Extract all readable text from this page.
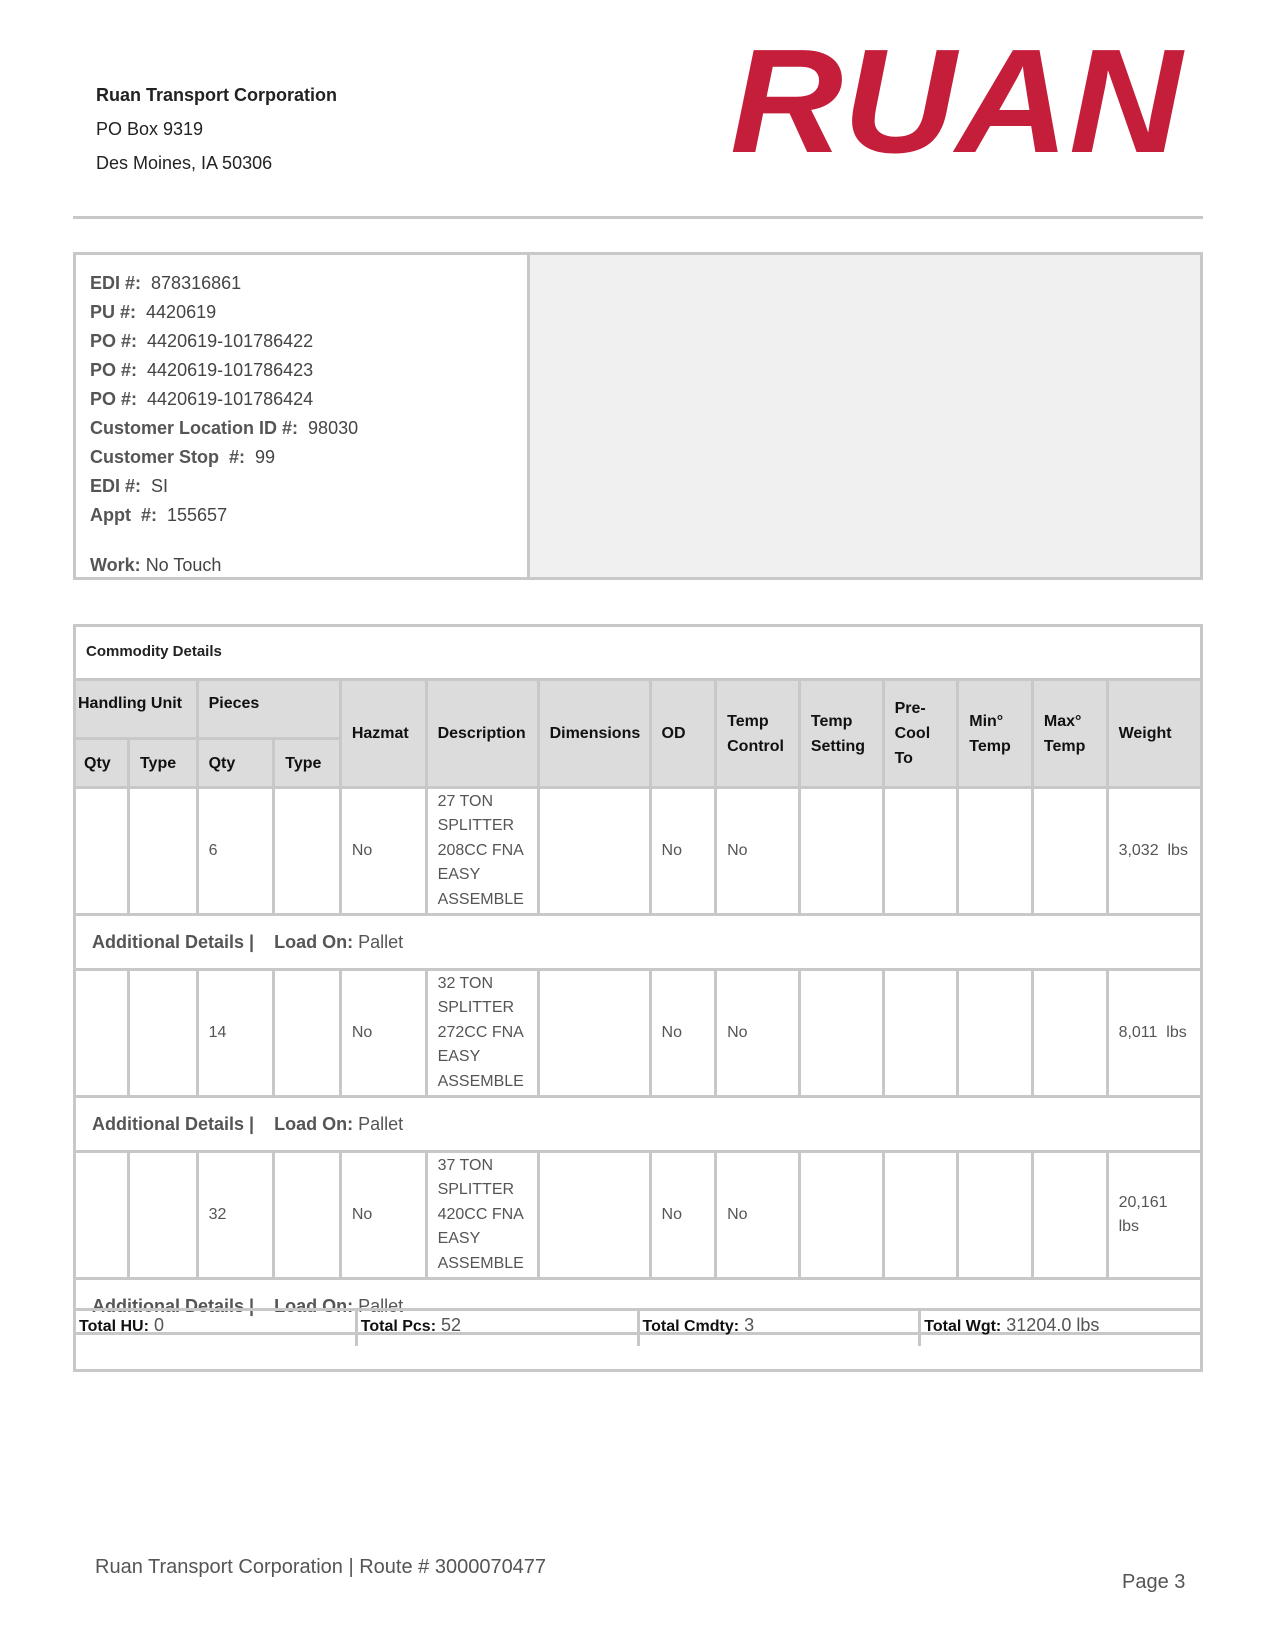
Ruan Transport Corporation
PO Box 9319
Des Moines, IA 50306	RUAN
EDI #: 878316861
PU #: 4420619
PO #: 4420619-101786422
PO #: 4420619-101786423
PO #: 4420619-101786424
Customer Location ID #: 98030
Customer Stop  #: 99
EDI #: SI
Appt  #: 155657
Work: No Touch
Commodity Details
Handling Unit		Pieces		Hazmat	Description	Dimensions	OD	Temp Control	Temp Setting	Pre-Cool To	Min° Temp	Max° Temp	Weight
Qty	Type	Qty	Type										
		6		No	27 TON SPLITTER 208CC FNA EASY ASSEMBLE		No	No					3,032  lbs
Additional Details | Load On: Pallet													
		14		No	32 TON SPLITTER 272CC FNA EASY ASSEMBLE		No	No					8,011  lbs
Additional Details | Load On: Pallet													
		32		No	37 TON SPLITTER 420CC FNA EASY ASSEMBLE		No	No					20,161 lbs
Additional Details | Load On: Pallet													
Total HU: 0	Total Pcs: 52	Total Cmdty: 3	Total Wgt: 31204.0 lbs
Ruan Transport Corporation | Route # 3000070477
Page 3
